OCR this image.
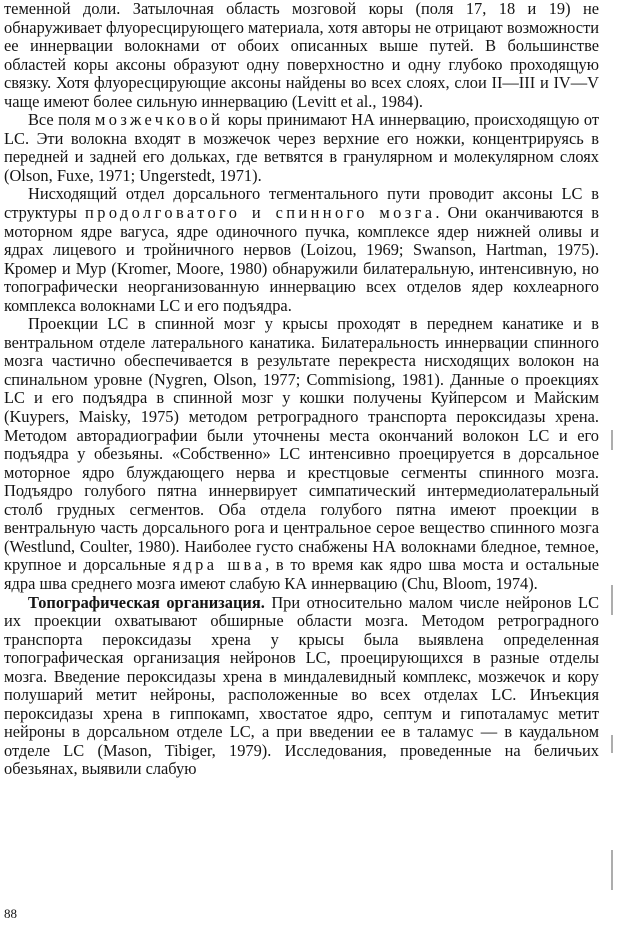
теменной доли. Затылочная область мозговой коры (поля 17, 18 и 19) не обнаруживает флуоресцирующего материала, хотя авторы не отрицают возможности ее иннервации волокнами от обоих описанных выше путей. В большинстве областей коры аксоны образуют одну поверхностно и одну глубоко проходящую связку. Хотя флуоресцирующие аксоны найдены во всех слоях, слои II—III и IV—V чаще имеют более сильную иннервацию (Levitt et al., 1984).

Все поля мозжечковой коры принимают НА иннервацию, происходящую от LC. Эти волокна входят в мозжечок через верхние его ножки, концентрируясь в передней и задней его дольках, где ветвятся в гранулярном и молекулярном слоях (Olson, Fuxe, 1971; Ungerstedt, 1971).

Нисходящий отдел дорсального тегментального пути проводит аксоны LC в структуры продолговатого и спинного мозга. Они оканчиваются в моторном ядре вагуса, ядре одиночного пучка, комплексе ядер нижней оливы и ядрах лицевого и тройничного нервов (Loizou, 1969; Swanson, Hartman, 1975). Кромер и Мур (Kromer, Moore, 1980) обнаружили билатеральную, интенсивную, но топографически неорганизованную иннервацию всех отделов ядер кохлеарного комплекса волокнами LC и его подъядра.

Проекции LC в спинной мозг у крысы проходят в переднем канатике и в вентральном отделе латерального канатика. Билатеральность иннервации спинного мозга частично обеспечивается в результате перекреста нисходящих волокон на спинальном уровне (Nygren, Olson, 1977; Commisiong, 1981). Данные о проекциях LC и его подъядра в спинной мозг у кошки получены Куйперсом и Майским (Kuypers, Maisky, 1975) методом ретроградного транспорта пероксидазы хрена. Методом авторадиографии были уточнены места окончаний волокон LC и его подъядра у обезьяны. «Собственно» LC интенсивно проецируется в дорсальное моторное ядро блуждающего нерва и крестцовые сегменты спинного мозга. Подъядро голубого пятна иннервирует симпатический интермедиолатеральный столб грудных сегментов. Оба отдела голубого пятна имеют проекции в вентральную часть дорсального рога и центральное серое вещество спинного мозга (Westlund, Coulter, 1980). Наиболее густо снабжены НА волокнами бледное, темное, крупное и дорсальные ядра шва, в то время как ядро шва моста и остальные ядра шва среднего мозга имеют слабую КА иннервацию (Chu, Bloom, 1974).

Топографическая организация. При относительно малом числе нейронов LC их проекции охватывают обширные области мозга. Методом ретроградного транспорта пероксидазы хрена у крысы была выявлена определенная топографическая организация нейронов LC, проецирующихся в разные отделы мозга. Введение пероксидазы хрена в миндалевидный комплекс, мозжечок и кору полушарий метит нейроны, расположенные во всех отделах LC. Инъекция пероксидазы хрена в гиппокамп, хвостатое ядро, септум и гипоталамус метит нейроны в дорсальном отделе LC, а при введении ее в таламус — в каудальном отделе LC (Mason, Tibiger, 1979). Исследования, проведенные на беличьих обезьянах, выявили слабую

88
